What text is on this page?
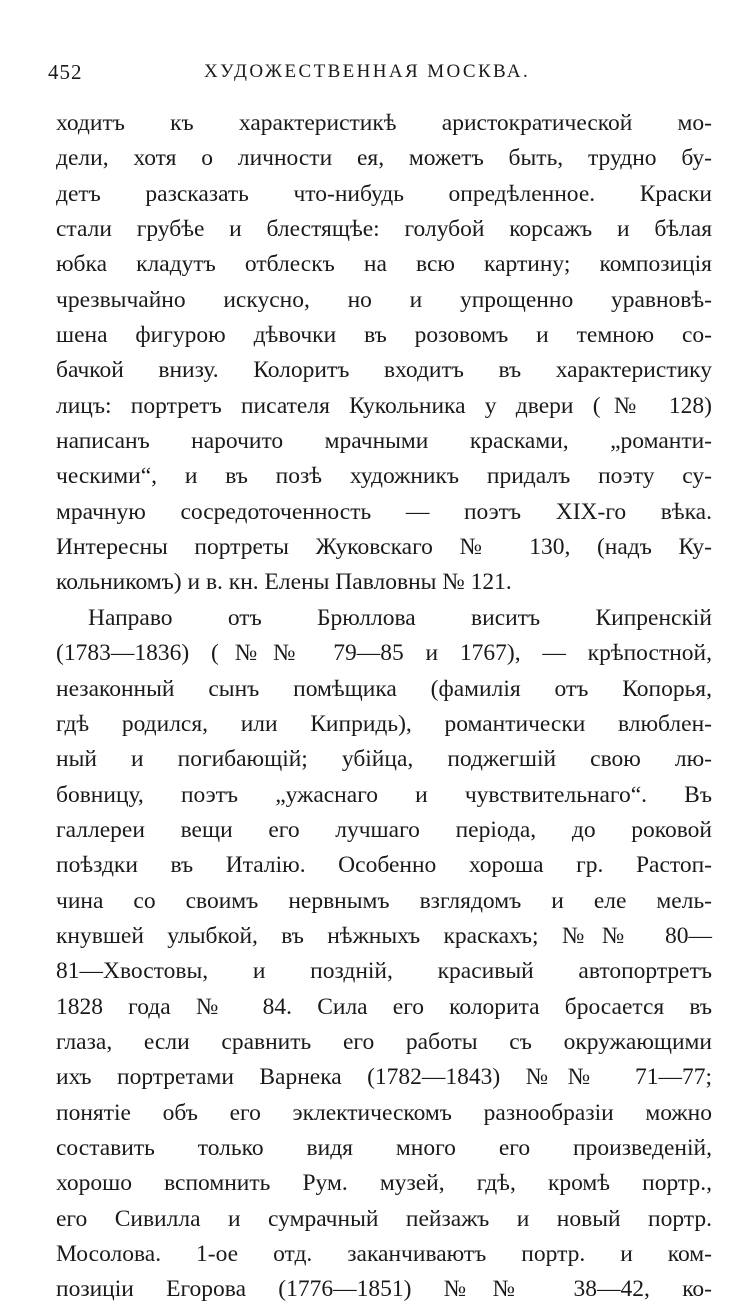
452	ХУДОЖЕСТВЕННАЯ МОСКВА.
ходитъ къ характеристикѣ аристократической мо-
дели, хотя о личности ея, можетъ быть, трудно бу-
детъ разсказать что-нибудь опредѣленное. Краски
стали грубѣе и блестящѣе: голубой корсажъ и бѣлая
юбка кладутъ отблескъ на всю картину; композиція
чрезвычайно искусно, но и упрощенно уравновѣ-
шена фигурою дѣвочки въ розовомъ и темною со-
бачкой внизу. Колоритъ входитъ въ характеристику
лицъ: портретъ писателя Кукольника у двери (№ 128)
написанъ нарочито мрачными красками, „романти-
ческими“, и въ позѣ художникъ придалъ поэту су-
мрачную сосредоточенность — поэтъ XIX-го вѣка.
Интересны портреты Жуковскаго № 130, (надъ Ку-
кольникомъ) и в. кн. Елены Павловны № 121.
Направо отъ Брюллова виситъ Кипренскій
(1783—1836) (№№ 79—85 и 1767), — крѣпостной,
незаконный сынъ помѣщика (фамилія отъ Копорья,
гдѣ родился, или Кипридь), романтически влюблен-
ный и погибающій; убійца, поджегшій свою лю-
бовницу, поэтъ „ужаснаго и чувствительнаго“. Въ
галлереи вещи его лучшаго періода, до роковой
поѣздки въ Италію. Особенно хороша гр. Растоп-
чина со своимъ нервнымъ взглядомъ и еле мель-
кнувшей улыбкой, въ нѣжныхъ краскахъ; №№ 80—
81—Хвостовы, и поздній, красивый автопортретъ
1828 года № 84. Сила его колорита бросается въ
глаза, если сравнить его работы съ окружающими
ихъ портретами Варнека (1782—1843) №№ 71—77;
понятіе объ его эклектическомъ разнообразіи можно
составить только видя много его произведеній,
хорошо вспомнить Рум. музей, гдѣ, кромѣ портр.,
его Сивилла и сумрачный пейзажъ и новый портр.
Мосолова. 1-ое отд. заканчиваютъ портр. и ком-
позиціи Егорова (1776—1851) №№ 38—42, ко-
